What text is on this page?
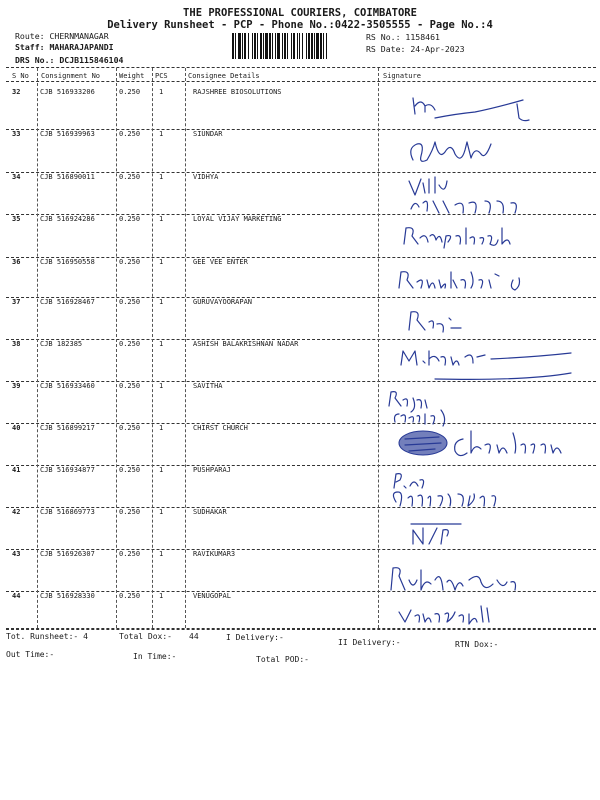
THE PROFESSIONAL COURIERS, COIMBATORE
Delivery Runsheet - PCP - Phone No.:0422-3505555 - Page No.:4
Route: CHERNMANAGAR
Staff: MAHARAJAPANDI
DRS No.: DCJB115846104
RS No.: 1158461
RS Date: 24-Apr-2023
S No Consignment No	Weight PCS	Consignee Details	Signature
32	CJB 516933206	0.250	1	RAJSHREE BIOSOLUTIONS
33	CJB 516939963	0.250	1	SIUNDAR
34	CJB 516890011	0.250	1	VIDHYA
35	CJB 516924286	0.250	1	LOYAL VIJAY MARKETING
36	CJB 516950558	0.250	1	GEE VEE ENTER
37	CJB 516928467	0.250	1	GURUVAYOORAPAN
38	CJB 182385	0.250	1	ASHISH BALAKRISHNAN NADAR
39	CJB 516933460	0.250	1	SAVITHA
40	CJB 516899217	0.250	1	CHIRST CHURCH
41	CJB 516934877	0.250	1	PUSHPARAJ
42	CJB 516869773	0.250	1	SUDHAKAR
43	CJB 516926307	0.250	1	RAVIKUMAR3
44	CJB 516928330	0.250	1	VENUGOPAL
Tot. Runsheet:- 4	Total Dox:- 44	I Delivery:-
II Delivery:-	RTN Dox:-
Out Time:-	In Time:-	Total POD:-
